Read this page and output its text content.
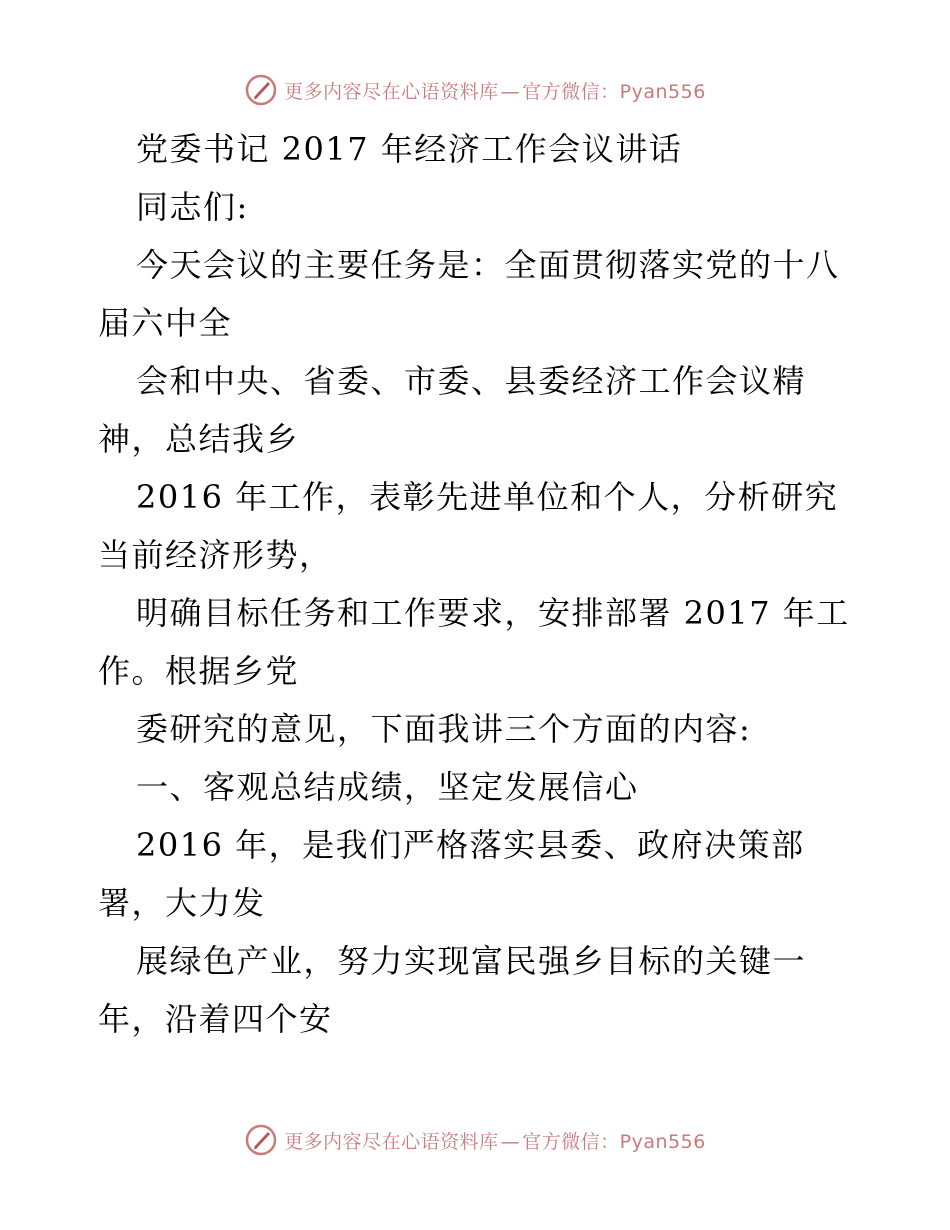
更多内容尽在心语资料库 — 官方微信：Pyan556
党委书记 2017 年经济工作会议讲话
同志们:
今天会议的主要任务是：全面贯彻落实党的十八
届六中全
会和中央、省委、市委、县委经济工作会议精
神，总结我乡
2016 年工作，表彰先进单位和个人，分析研究
当前经济形势，
明确目标任务和工作要求，安排部署 2017 年工
作。根据乡党
委研究的意见，下面我讲三个方面的内容:
一、客观总结成绩，坚定发展信心
2016 年，是我们严格落实县委、政府决策部
署，大力发
展绿色产业，努力实现富民强乡目标的关键一
年，沿着四个安
更多内容尽在心语资料库 — 官方微信：Pyan556
